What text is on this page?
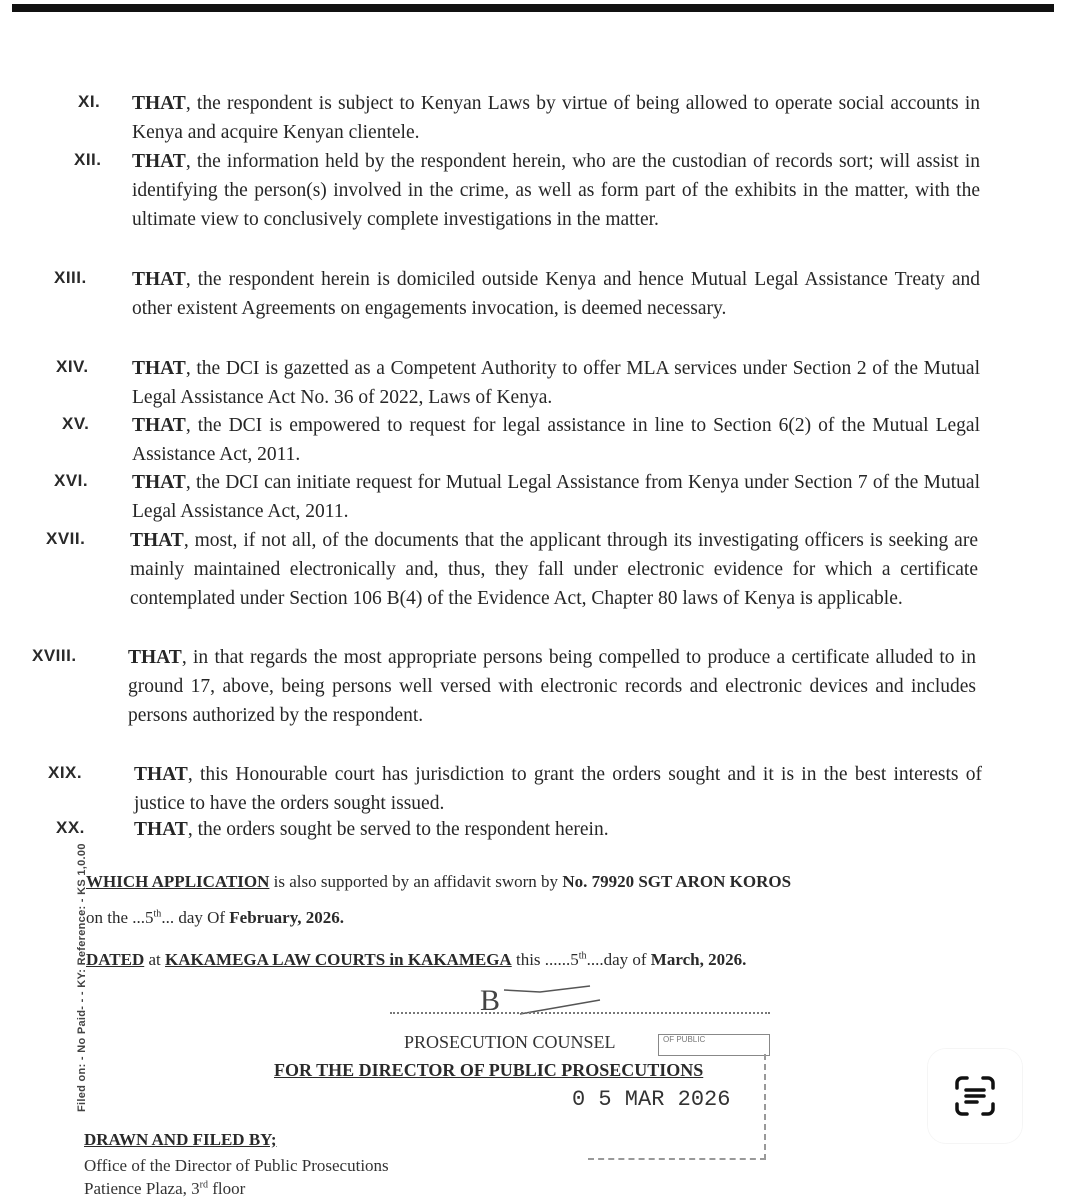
XI. THAT, the respondent is subject to Kenyan Laws by virtue of being allowed to operate social accounts in Kenya and acquire Kenyan clientele.
XII. THAT, the information held by the respondent herein, who are the custodian of records sort; will assist in identifying the person(s) involved in the crime, as well as form part of the exhibits in the matter, with the ultimate view to conclusively complete investigations in the matter.
XIII. THAT, the respondent herein is domiciled outside Kenya and hence Mutual Legal Assistance Treaty and other existent Agreements on engagements invocation, is deemed necessary.
XIV. THAT, the DCI is gazetted as a Competent Authority to offer MLA services under Section 2 of the Mutual Legal Assistance Act No. 36 of 2022, Laws of Kenya.
XV. THAT, the DCI is empowered to request for legal assistance in line to Section 6(2) of the Mutual Legal Assistance Act, 2011.
XVI. THAT, the DCI can initiate request for Mutual Legal Assistance from Kenya under Section 7 of the Mutual Legal Assistance Act, 2011.
XVII. THAT, most, if not all, of the documents that the applicant through its investigating officers is seeking are mainly maintained electronically and, thus, they fall under electronic evidence for which a certificate contemplated under Section 106 B(4) of the Evidence Act, Chapter 80 laws of Kenya is applicable.
XVIII.	THAT, in that regards the most appropriate persons being compelled to produce a certificate alluded to in ground 17, above, being persons well versed with electronic records and electronic devices and includes persons authorized by the respondent.
XIX.	THAT, this Honourable court has jurisdiction to grant the orders sought and it is in the best interests of justice to have the orders sought issued.
XX.	THAT, the orders sought be served to the respondent herein.
Filed on: - No Paid- - - KY: Reference: - KS 1,0.00
WHICH APPLICATION is also supported by an affidavit sworn by No. 79920 SGT ARON KOROS
on the ...5th... day Of February, 2026.
DATED at KAKAMEGA LAW COURTS in KAKAMEGA this ......5th....day of March, 2026.
B
PROSECUTION COUNSEL	OF PUBLIC
FOR THE DIRECTOR OF PUBLIC PROSECUTIONS
0 5 MAR 2026
DRAWN AND FILED BY;
Office of the Director of Public Prosecutions
Patience Plaza, 3rd floor
